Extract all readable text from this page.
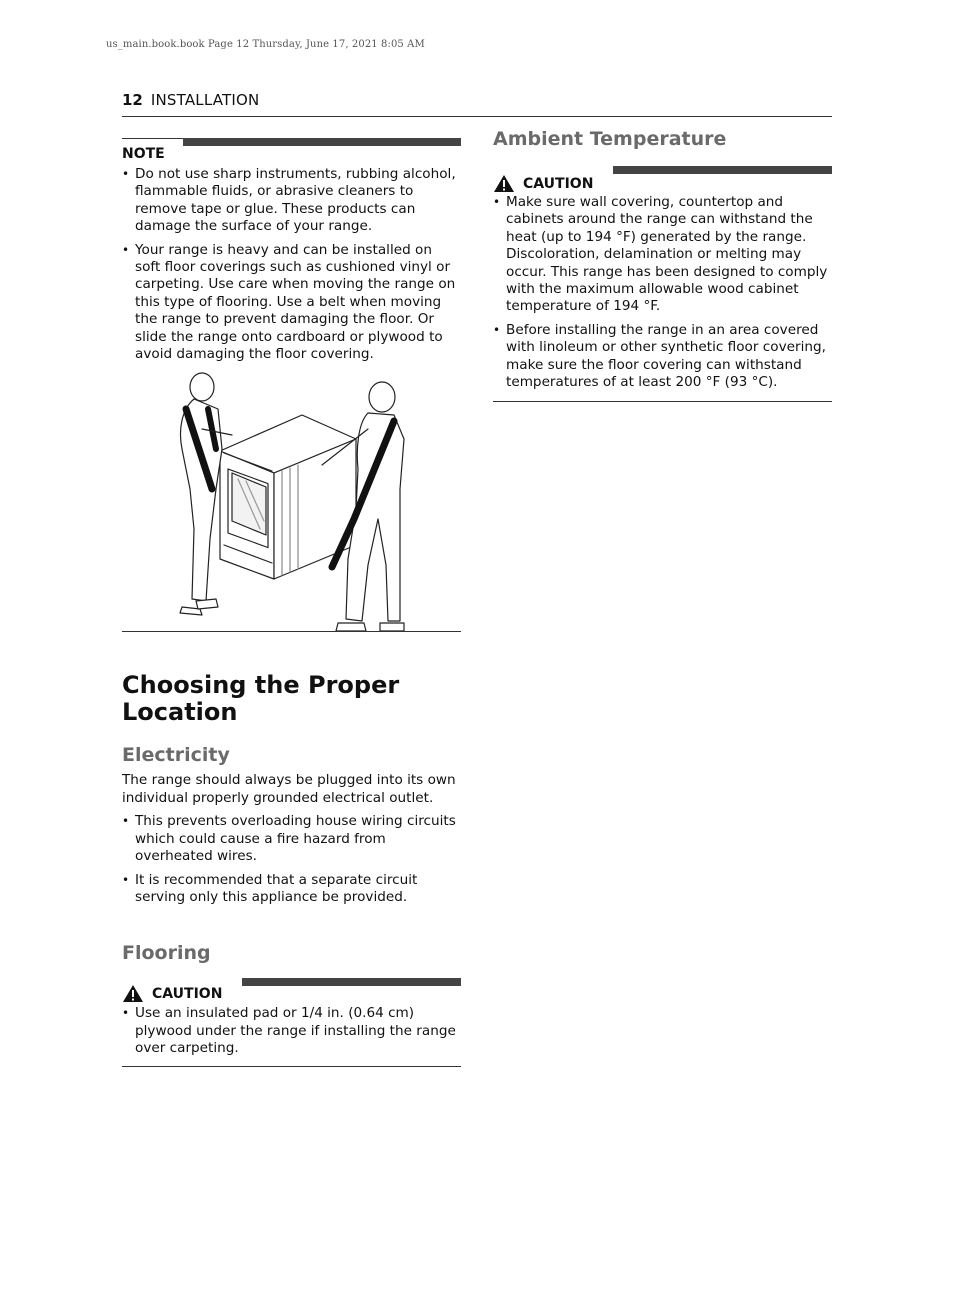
us_main.book.book Page 12 Thursday, June 17, 2021 8:05 AM
12 INSTALLATION
NOTE
• Do not use sharp instruments, rubbing alcohol, flammable fluids, or abrasive cleaners to remove tape or glue. These products can damage the surface of your range.
• Your range is heavy and can be installed on soft floor coverings such as cushioned vinyl or carpeting. Use care when moving the range on this type of flooring. Use a belt when moving the range to prevent damaging the floor. Or slide the range onto cardboard or plywood to avoid damaging the floor covering.
Choosing the Proper Location
Electricity

The range should always be plugged into its own individual properly grounded electrical outlet.

• This prevents overloading house wiring circuits which could cause a fire hazard from overheated wires.
• It is recommended that a separate circuit serving only this appliance be provided.
Flooring
CAUTION
• Use an insulated pad or 1/4 in. (0.64 cm) plywood under the range if installing the range over carpeting.
Ambient Temperature
CAUTION
• Make sure wall covering, countertop and cabinets around the range can withstand the heat (up to 194 °F) generated by the range. Discoloration, delamination or melting may occur. This range has been designed to comply with the maximum allowable wood cabinet temperature of 194 °F.
• Before installing the range in an area covered with linoleum or other synthetic floor covering, make sure the floor covering can withstand temperatures of at least 200 °F (93 °C).
